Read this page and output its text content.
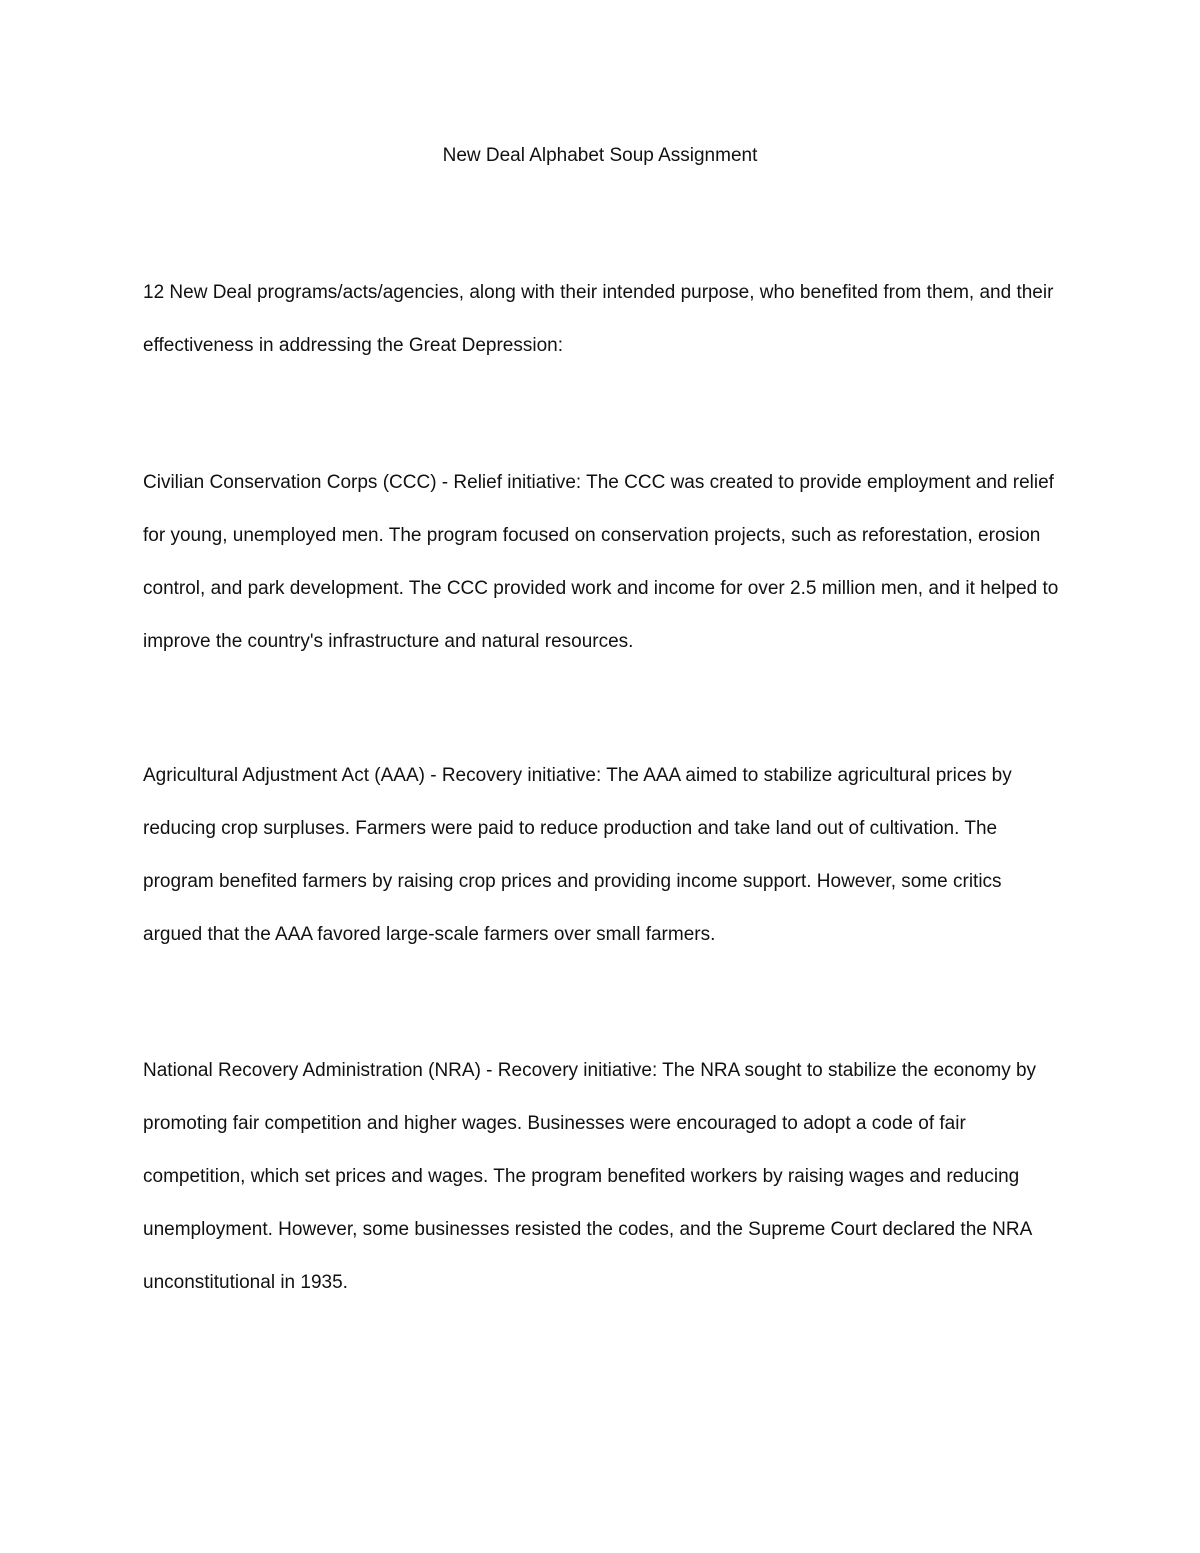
New Deal Alphabet Soup Assignment

12 New Deal programs/acts/agencies, along with their intended purpose, who benefited from them, and their effectiveness in addressing the Great Depression:

Civilian Conservation Corps (CCC) - Relief initiative: The CCC was created to provide employment and relief for young, unemployed men. The program focused on conservation projects, such as reforestation, erosion control, and park development. The CCC provided work and income for over 2.5 million men, and it helped to improve the country's infrastructure and natural resources.

Agricultural Adjustment Act (AAA) - Recovery initiative: The AAA aimed to stabilize agricultural prices by reducing crop surpluses. Farmers were paid to reduce production and take land out of cultivation. The program benefited farmers by raising crop prices and providing income support. However, some critics argued that the AAA favored large-scale farmers over small farmers.

National Recovery Administration (NRA) - Recovery initiative: The NRA sought to stabilize the economy by promoting fair competition and higher wages. Businesses were encouraged to adopt a code of fair competition, which set prices and wages. The program benefited workers by raising wages and reducing unemployment. However, some businesses resisted the codes, and the Supreme Court declared the NRA unconstitutional in 1935.
